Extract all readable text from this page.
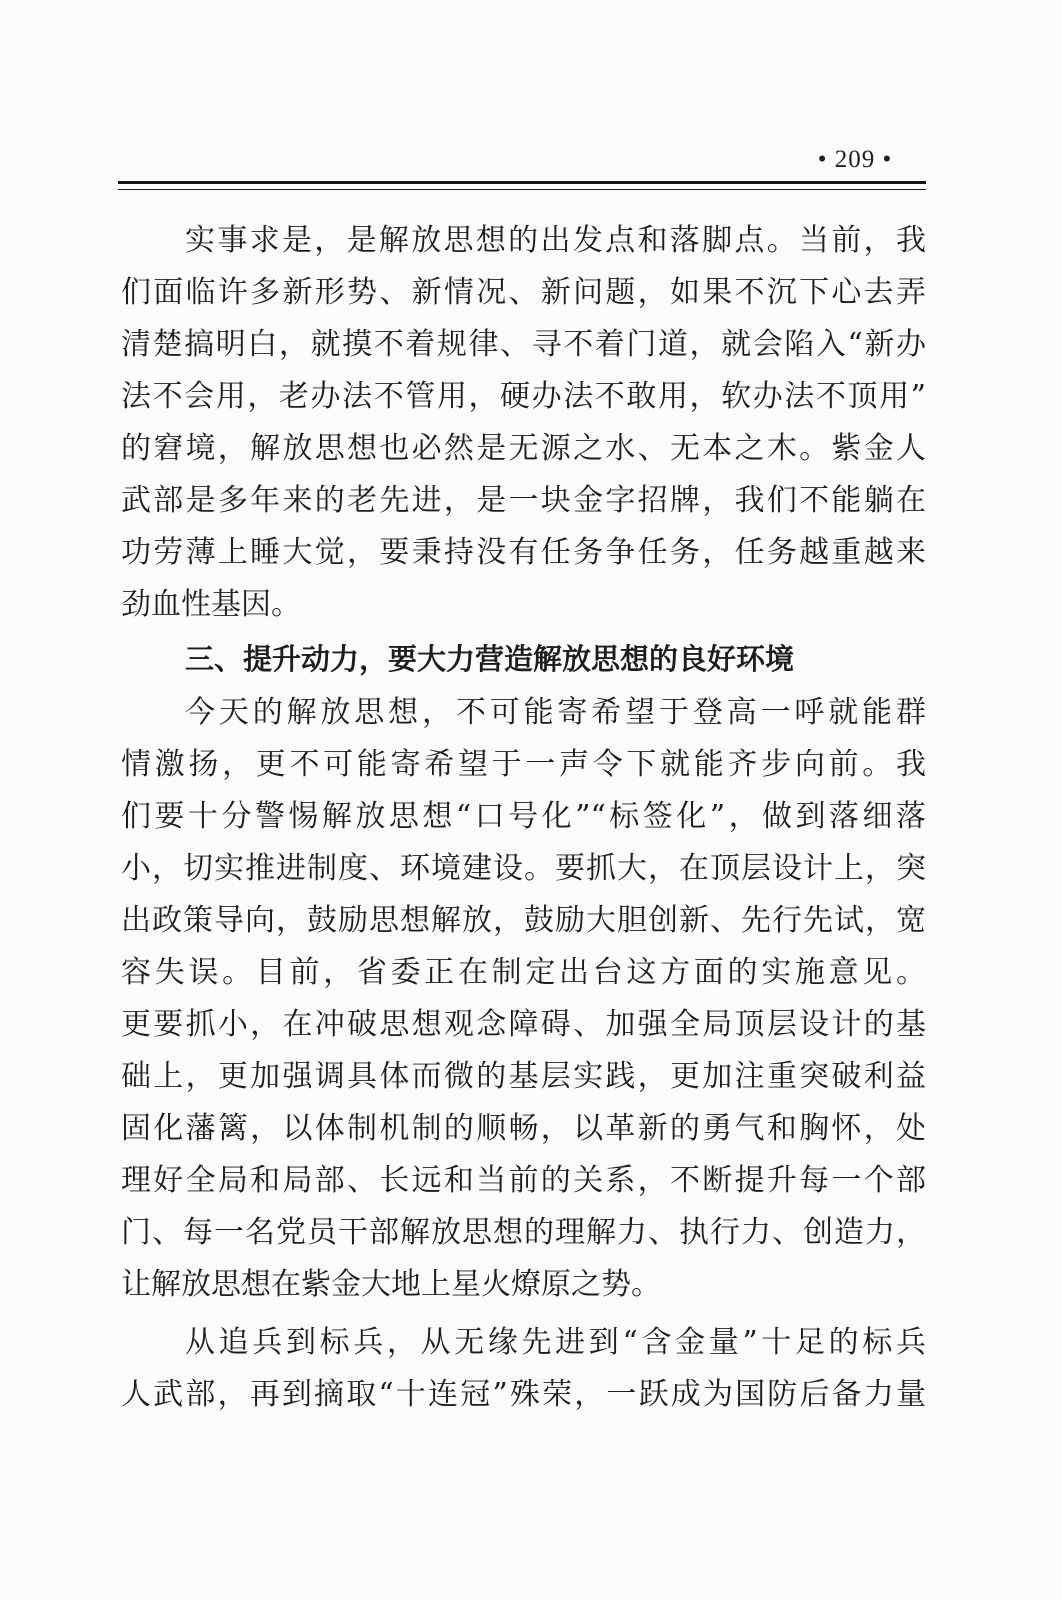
• 209 •
实事求是，是解放思想的出发点和落脚点。当前，我
们面临许多新形势、新情况、新问题，如果不沉下心去弄
清楚搞明白，就摸不着规律、寻不着门道，就会陷入“新办
法不会用，老办法不管用，硬办法不敢用，软办法不顶用”
的窘境，解放思想也必然是无源之水、无本之木。紫金人
武部是多年来的老先进，是一块金字招牌，我们不能躺在
功劳薄上睡大觉，要秉持没有任务争任务，任务越重越来
劲血性基因。
三、提升动力，要大力营造解放思想的良好环境
今天的解放思想，不可能寄希望于登高一呼就能群
情激扬，更不可能寄希望于一声令下就能齐步向前。我
们要十分警惕解放思想“口号化”“标签化”，做到落细落
小，切实推进制度、环境建设。要抓大，在顶层设计上，突
出政策导向，鼓励思想解放，鼓励大胆创新、先行先试，宽
容失误。目前，省委正在制定出台这方面的实施意见。
更要抓小，在冲破思想观念障碍、加强全局顶层设计的基
础上，更加强调具体而微的基层实践，更加注重突破利益
固化藩篱，以体制机制的顺畅，以革新的勇气和胸怀，处
理好全局和局部、长远和当前的关系，不断提升每一个部
门、每一名党员干部解放思想的理解力、执行力、创造力，
让解放思想在紫金大地上星火燎原之势。
从追兵到标兵，从无缘先进到“含金量”十足的标兵
人武部，再到摘取“十连冠”殊荣，一跃成为国防后备力量
